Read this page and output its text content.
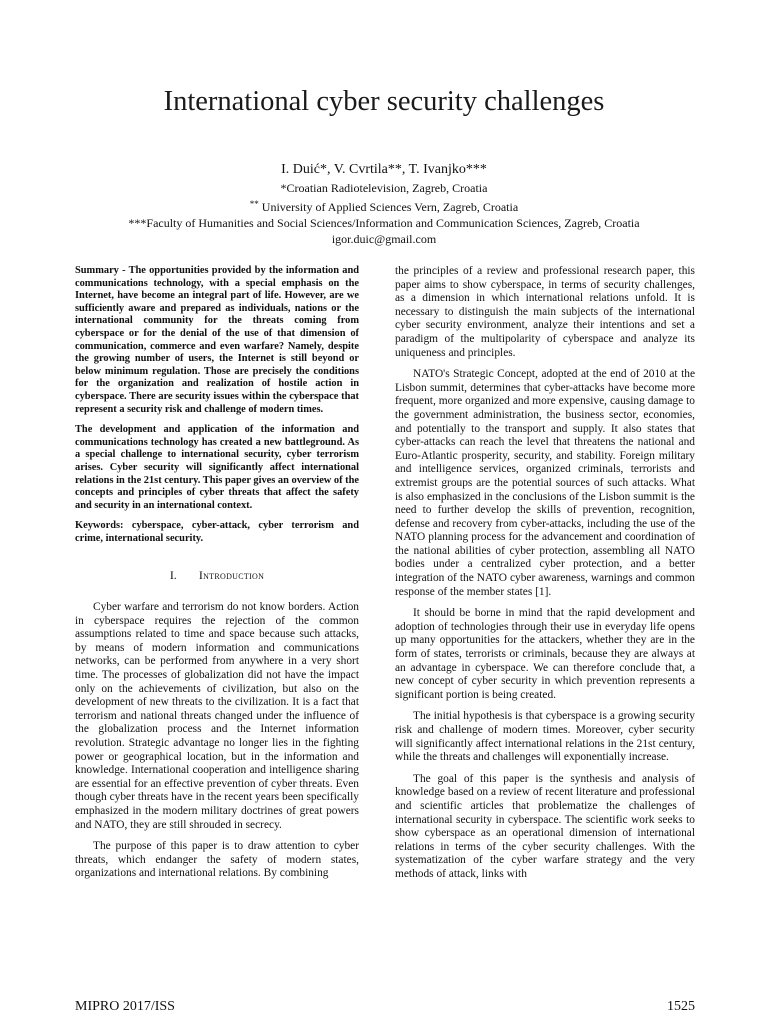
International cyber security challenges
I. Duić*, V. Cvrtila**, T. Ivanjko***
*Croatian Radiotelevision, Zagreb, Croatia
** University of Applied Sciences Vern, Zagreb, Croatia
***Faculty of Humanities and Social Sciences/Information and Communication Sciences, Zagreb, Croatia
igor.duic@gmail.com

Summary - The opportunities provided by the information and communications technology, with a special emphasis on the Internet, have become an integral part of life. However, are we sufficiently aware and prepared as individuals, nations or the international community for the threats coming from cyberspace or for the denial of the use of that dimension of communication, commerce and even warfare? Namely, despite the growing number of users, the Internet is still beyond or below minimum regulation. Those are precisely the conditions for the organization and realization of hostile action in cyberspace. There are security issues within the cyberspace that represent a security risk and challenge of modern times.

The development and application of the information and communications technology has created a new battleground. As a special challenge to international security, cyber terrorism arises. Cyber security will significantly affect international relations in the 21st century. This paper gives an overview of the concepts and principles of cyber threats that affect the safety and security in an international context.

Keywords: cyberspace, cyber-attack, cyber terrorism and crime, international security.

I. Introduction

Cyber warfare and terrorism do not know borders. Action in cyberspace requires the rejection of the common assumptions related to time and space because such attacks, by means of modern information and communications networks, can be performed from anywhere in a very short time. The processes of globalization did not have the impact only on the achievements of civilization, but also on the development of new threats to the civilization. It is a fact that terrorism and national threats changed under the influence of the globalization process and the Internet information revolution. Strategic advantage no longer lies in the fighting power or geographical location, but in the information and knowledge. International cooperation and intelligence sharing are essential for an effective prevention of cyber threats. Even though cyber threats have in the recent years been specifically emphasized in the modern military doctrines of great powers and NATO, they are still shrouded in secrecy.

The purpose of this paper is to draw attention to cyber threats, which endanger the safety of modern states, organizations and international relations. By combining

the principles of a review and professional research paper, this paper aims to show cyberspace, in terms of security challenges, as a dimension in which international relations unfold. It is necessary to distinguish the main subjects of the international cyber security environment, analyze their intentions and set a paradigm of the multipolarity of cyberspace and analyze its uniqueness and principles.

NATO's Strategic Concept, adopted at the end of 2010 at the Lisbon summit, determines that cyber-attacks have become more frequent, more organized and more expensive, causing damage to the government administration, the business sector, economies, and potentially to the transport and supply. It also states that cyber-attacks can reach the level that threatens the national and Euro-Atlantic prosperity, security, and stability. Foreign military and intelligence services, organized criminals, terrorists and extremist groups are the potential sources of such attacks. What is also emphasized in the conclusions of the Lisbon summit is the need to further develop the skills of prevention, recognition, defense and recovery from cyber-attacks, including the use of the NATO planning process for the advancement and coordination of the national abilities of cyber protection, assembling all NATO bodies under a centralized cyber protection, and a better integration of the NATO cyber awareness, warnings and common response of the member states [1].

It should be borne in mind that the rapid development and adoption of technologies through their use in everyday life opens up many opportunities for the attackers, whether they are in the form of states, terrorists or criminals, because they are always at an advantage in cyberspace. We can therefore conclude that, a new concept of cyber security in which prevention represents a significant portion is being created.

The initial hypothesis is that cyberspace is a growing security risk and challenge of modern times. Moreover, cyber security will significantly affect international relations in the 21st century, while the threats and challenges will exponentially increase.

The goal of this paper is the synthesis and analysis of knowledge based on a review of recent literature and professional and scientific articles that problematize the challenges of international security in cyberspace. The scientific work seeks to show cyberspace as an operational dimension of international relations in terms of the cyber security challenges. With the systematization of the cyber warfare strategy and the very methods of attack, links with

MIPRO 2017/ISS	1525
